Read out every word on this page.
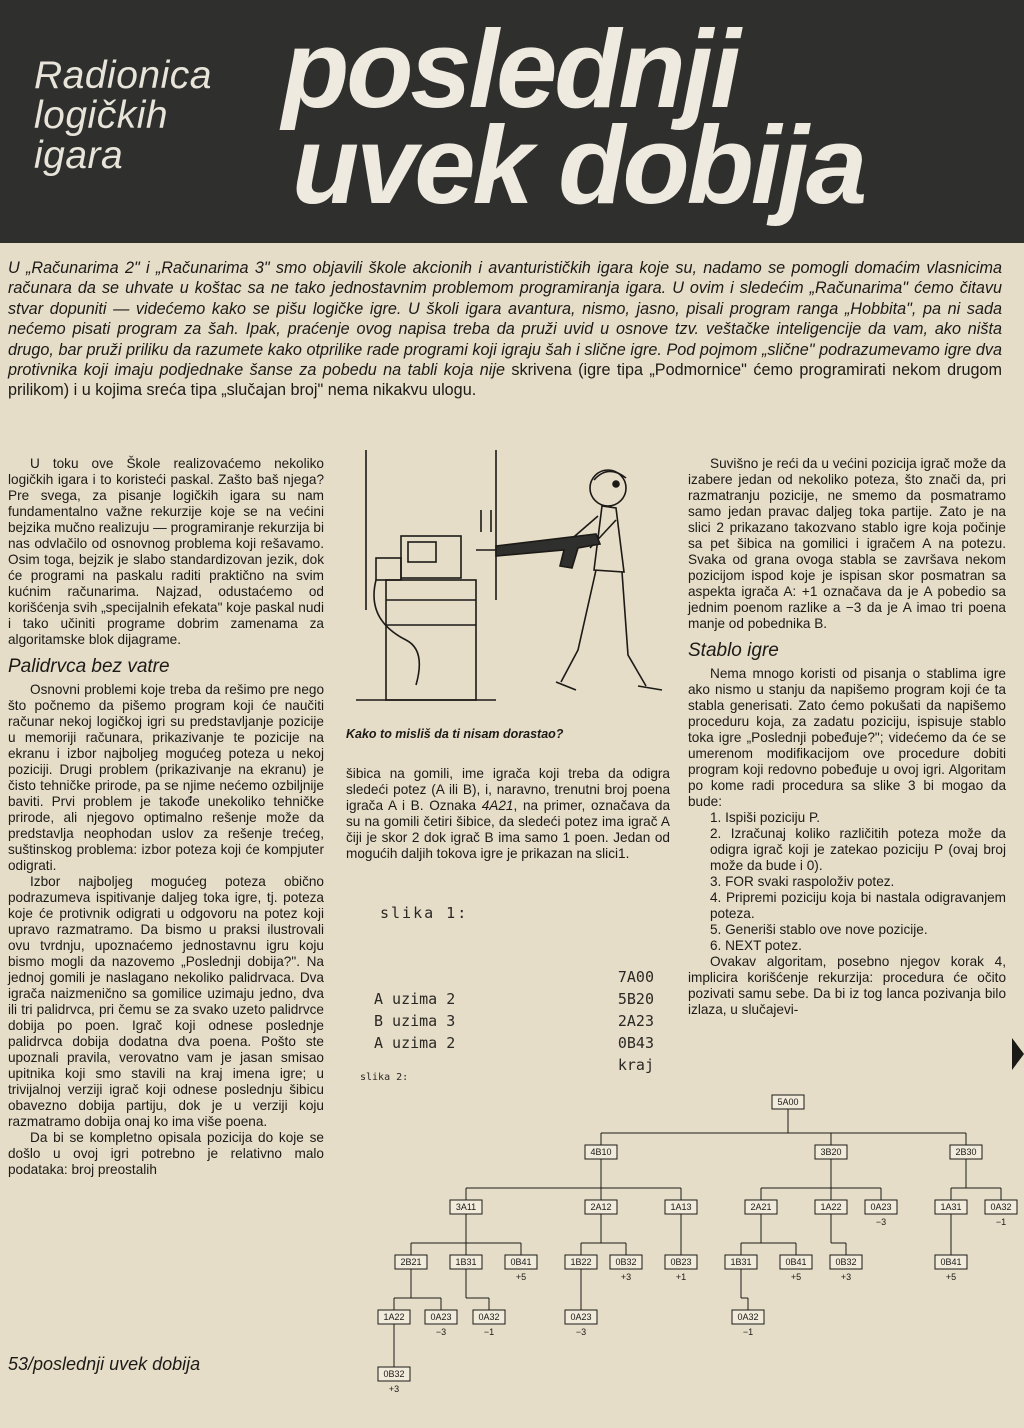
Radionica
logičkih
igara
poslednji
uvek dobija
U „Računarima 2" i „Računarima 3" smo objavili škole akcionih i avanturističkih igara koje su, nadamo se pomogli domaćim vlasnicima računara da se uhvate u koštac sa ne tako jednostavnim problemom programiranja igara. U ovim i sledećim „Računarima" ćemo čitavu stvar dopuniti — videćemo kako se pišu logičke igre. U školi igara avantura, nismo, jasno, pisali program ranga „Hobbita", pa ni sada nećemo pisati program za šah. Ipak, praćenje ovog napisa treba da pruži uvid u osnove tzv. veštačke inteligencije da vam, ako ništa drugo, bar pruži priliku da razumete kako otprilike rade programi koji igraju šah i slične igre. Pod pojmom „slične" podrazumevamo igre dva protivnika koji imaju podjednake šanse za pobedu na tabli koja nije skrivena (igre tipa „Podmornice" ćemo programirati nekom drugom prilikom) i u kojima sreća tipa „slučajan broj" nema nikakvu ulogu.

U toku ove Škole realizovaćemo nekoliko logičkih igara i to koristeći paskal. Zašto baš njega? Pre svega, za pisanje logičkih igara su nam fundamentalno važne rekurzije koje se na većini bejzika mučno realizuju — programiranje rekurzija bi nas odvlačilo od osnovnog problema koji rešavamo. Osim toga, bejzik je slabo standardizovan jezik, dok će programi na paskalu raditi praktično na svim kućnim računarima. Najzad, odustaćemo od korišćenja svih „specijalnih efekata" koje paskal nudi i tako učiniti programe dobrim zamenama za algoritamske blok dijagrame.

Palidrvca bez vatre

Osnovni problemi koje treba da rešimo pre nego što počnemo da pišemo program koji će naučiti računar nekoj logičkoj igri su predstavljanje pozicije u memoriji računara, prikazivanje te pozicije na ekranu i izbor najboljeg mogućeg poteza u nekoj poziciji. Drugi problem (prikazivanje na ekranu) je čisto tehničke prirode, pa se njime nećemo ozbiljnije baviti. Prvi problem je takođe unekoliko tehničke prirode, ali njegovo optimalno rešenje može da predstavlja neophodan uslov za rešenje trećeg, suštinskog problema: izbor poteza koji će kompjuter odigrati.

Izbor najboljeg mogućeg poteza obično podrazumeva ispitivanje daljeg toka igre, tj. poteza koje će protivnik odigrati u odgovoru na potez koji upravo razmatramo. Da bismo u praksi ilustrovali ovu tvrdnju, upoznaćemo jednostavnu igru koju bismo mogli da nazovemo „Poslednji dobija?". Na jednoj gomili je naslagano nekoliko palidrvaca. Dva igrača naizmenično sa gomilice uzimaju jedno, dva ili tri palidrvca, pri čemu se za svako uzeto palidrvce dobija po poen. Igrač koji odnese poslednje palidrvca dobija dodatna dva poena. Pošto ste upoznali pravila, verovatno vam je jasan smisao upitnika koji smo stavili na kraj imena igre; u trivijalnoj verziji igrač koji odnese poslednju šibicu obavezno dobija partiju, dok je u verziji koju razmatramo dobija onaj ko ima više poena.

Da bi se kompletno opisala pozicija do koje se došlo u ovoj igri potrebno je relativno malo podataka: broj preostalih

Kako to misliš da ti nisam dorastao?

šibica na gomili, ime igrača koji treba da odigra sledeći potez (A ili B), i, naravno, trenutni broj poena igrača A i B. Oznaka 4A21, na primer, označava da su na gomili četiri šibice, da sledeći potez ima igrač A čiji je skor 2 dok igrač B ima samo 1 poen. Jedan od mogućih daljih tokova igre je prikazan na slici1.

slika 1:
7A00
A uzima 2	5B20
B uzima 3	2A23
A uzima 2	0B43
kraj
slika 2:
5A00
4B10	3B20	2B30
3A11	2A12	1A13	2A21	1A22	0A23
−3
1A31	0A32
−1
2B21	1B31	0B41
+5
1B22	0B32
+3
0B23
+1
1B31	0B41
+5
0B32
+3
0B41
+5
1A22	0A23
−3
0A32
−1
0A23
−3
0A32
−1
0B32
+3

Suvišno je reći da u većini pozicija igrač može da izabere jedan od nekoliko poteza, što znači da, pri razmatranju pozicije, ne smemo da posmatramo samo jedan pravac daljeg toka partije. Zato je na slici 2 prikazano takozvano stablo igre koja počinje sa pet šibica na gomilici i igračem A na potezu. Svaka od grana ovoga stabla se završava nekom pozicijom ispod koje je ispisan skor posmatran sa aspekta igrača A: +1 označava da je A pobedio sa jednim poenom razlike a −3 da je A imao tri poena manje od pobednika B.

Stablo igre

Nema mnogo koristi od pisanja o stablima igre ako nismo u stanju da napišemo program koji će ta stabla generisati. Zato ćemo pokušati da napišemo proceduru koja, za zadatu poziciju, ispisuje stablo toka igre „Poslednji pobeđuje?"; videćemo da će se umerenom modifikacijom ove procedure dobiti program koji redovno pobeđuje u ovoj igri. Algoritam po kome radi procedura sa slike 3 bi mogao da bude:

1. Ispiši poziciju P.
2. Izračunaj koliko različitih poteza može da odigra igrač koji je zatekao poziciju P (ovaj broj može da bude i 0).
3. FOR svaki raspoloživ potez.
4. Pripremi poziciju koja bi nastala odigravanjem poteza.
5. Generiši stablo ove nove pozicije.
6. NEXT potez.

Ovakav algoritam, posebno njegov korak 4, implicira korišćenje rekurzija: procedura će očito pozivati samu sebe. Da bi iz tog lanca pozivanja bilo izlaza, u slučajevi-

53/poslednji uvek dobija
